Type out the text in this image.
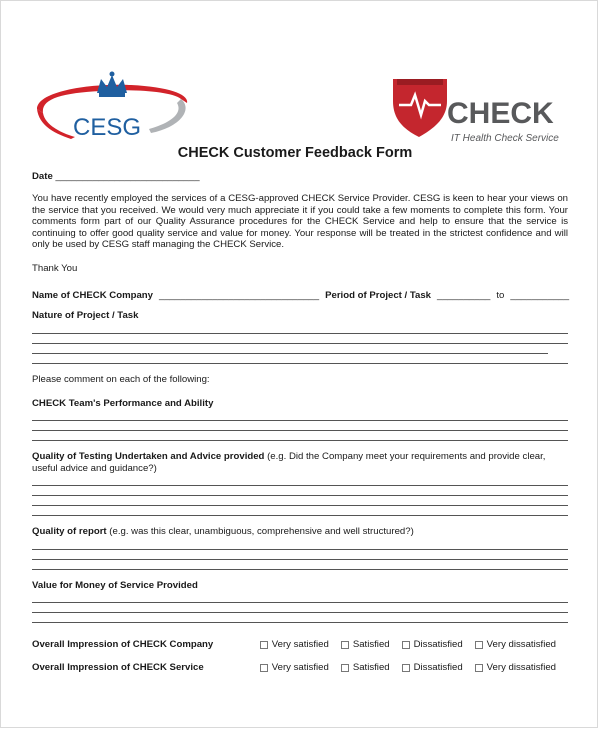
CESG	CHECK
IT Health Check Service
CHECK Customer Feedback Form
Date ___________________________
You have recently employed the services of a CESG-approved CHECK Service Provider. CESG is keen to hear your views on the service that you received. We would very much appreciate it if you could take a few moments to complete this form. Your comments form part of our Quality Assurance procedures for the CHECK Service and help to ensure that the service is continuing to offer good quality service and value for money. Your response will be treated in the strictest confidence and will only be used by CESG staff managing the CHECK Service.
Thank You
Name of CHECK Company ______________________________ Period of Project / Task __________ to ___________
Nature of Project / Task
Please comment on each of the following:
CHECK Team's Performance and Ability
Quality of Testing Undertaken and Advice provided (e.g. Did the Company meet your requirements and provide clear, useful advice and guidance?)
Quality of report (e.g. was this clear, unambiguous, comprehensive and well structured?)
Value for Money of Service Provided
Overall Impression of CHECK Company	Very satisfied	Satisfied	Dissatisfied	Very dissatisfied
Overall Impression of CHECK Service	Very satisfied	Satisfied	Dissatisfied	Very dissatisfied
